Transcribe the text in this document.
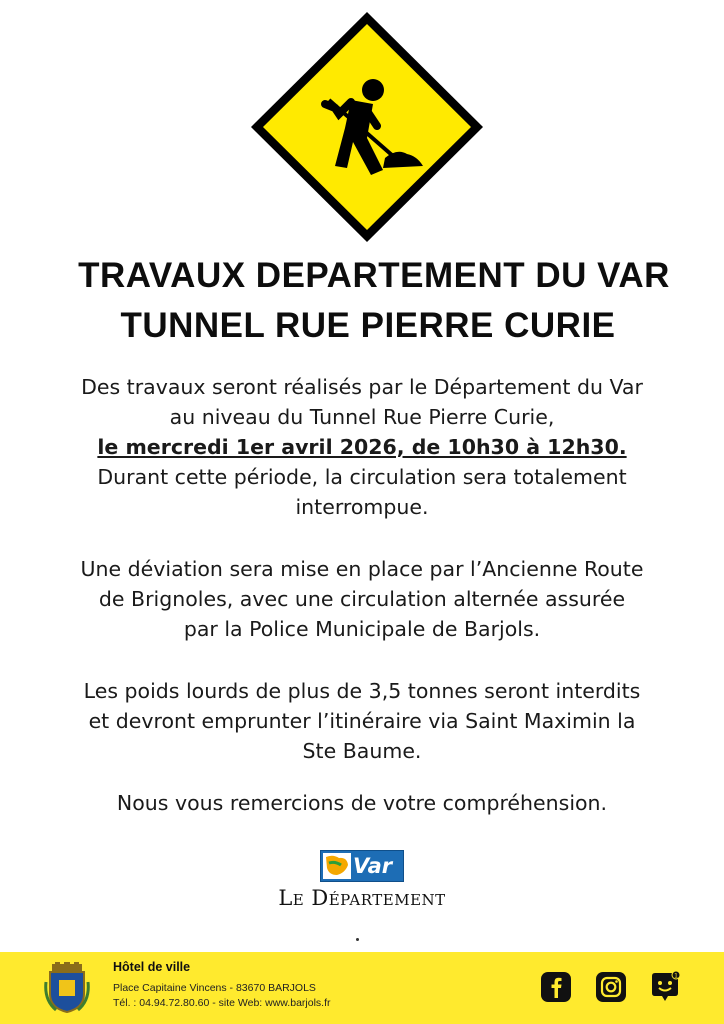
TRAVAUX DEPARTEMENT DU VAR
TUNNEL RUE PIERRE CURIE
Des travaux seront réalisés par le Département du Var
au niveau du Tunnel Rue Pierre Curie,
le mercredi 1er avril 2026, de 10h30 à 12h30.
Durant cette période, la circulation sera totalement
interrompue.
Une déviation sera mise en place par l’Ancienne Route
de Brignoles, avec une circulation alternée assurée
par la Police Municipale de Barjols.
Les poids lourds de plus de 3,5 tonnes seront interdits
et devront emprunter l’itinéraire via Saint Maximin la
Ste Baume.
Nous vous remercions de votre compréhension.
Var
Le Département
Hôtel de ville
Place Capitaine Vincens - 83670 BARJOLS
Tél. : 04.94.72.80.60 - site Web: www.barjols.fr
1
